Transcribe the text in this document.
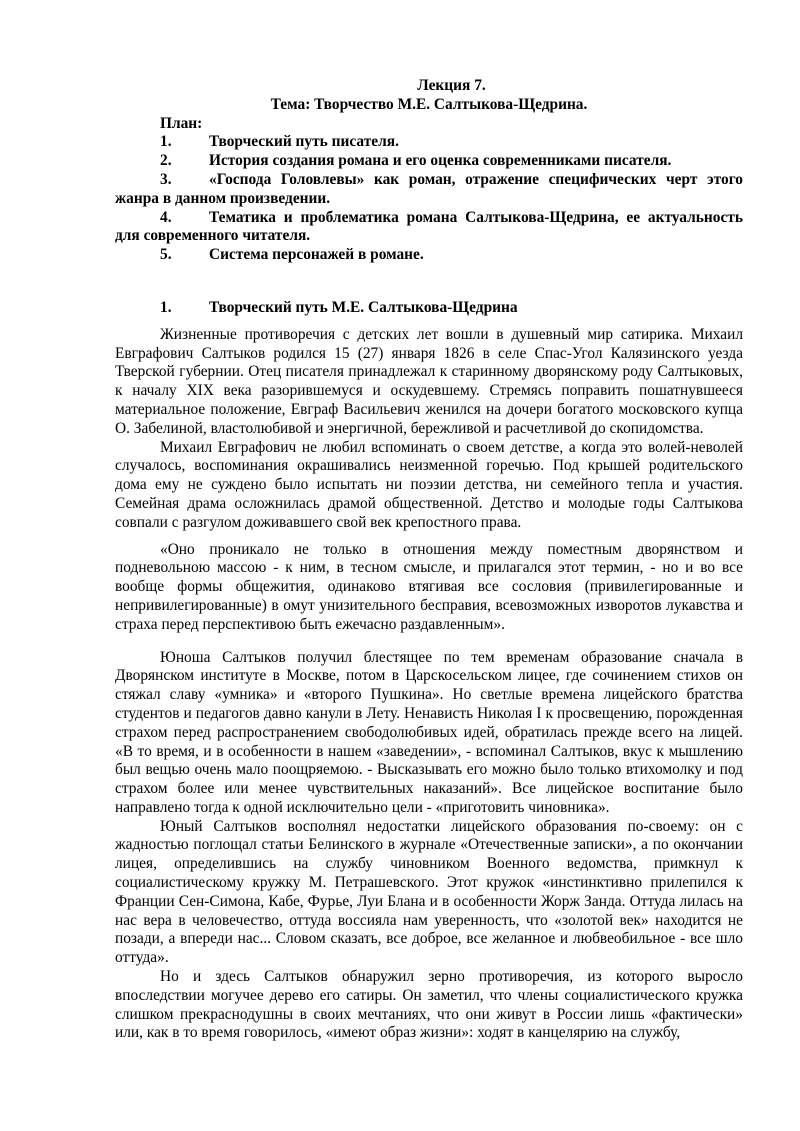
Лекция 7.

Тема: Творчество М.Е. Салтыкова-Щедрина.

План:

1. Творческий путь писателя.

2. История создания романа и его оценка современниками писателя.

3. «Господа Головлевы» как роман, отражение специфических черт этого жанра в данном произведении.

4. Тематика и проблематика романа Салтыкова-Щедрина, ее актуальность для современного читателя.

5. Система персонажей в романе.

1. Творческий путь М.Е. Салтыкова-Щедрина

Жизненные противоречия с детских лет вошли в душевный мир сатирика. Михаил Евграфович Салтыков родился 15 (27) января 1826 в селе Спас-Угол Калязинского уезда Тверской губернии. Отец писателя принадлежал к старинному дворянскому роду Салтыковых, к началу XIX века разорившемуся и оскудевшему. Стремясь поправить пошатнувшееся материальное положение, Евграф Васильевич женился на дочери богатого московского купца О. Забелиной, властолюбивой и энергичной, бережливой и расчетливой до скопидомства.

Михаил Евграфович не любил вспоминать о своем детстве, а когда это волей-неволей случалось, воспоминания окрашивались неизменной горечью. Под крышей родительского дома ему не суждено было испытать ни поэзии детства, ни семейного тепла и участия. Семейная драма осложнилась драмой общественной. Детство и молодые годы Салтыкова совпали с разгулом доживавшего свой век крепостного права.

«Оно проникало не только в отношения между поместным дворянством и подневольною массою - к ним, в тесном смысле, и прилагался этот термин, - но и во все вообще формы общежития, одинаково втягивая все сословия (привилегированные и непривилегированные) в омут унизительного бесправия, всевозможных изворотов лукавства и страха перед перспективою быть ежечасно раздавленным».

Юноша Салтыков получил блестящее по тем временам образование сначала в Дворянском институте в Москве, потом в Царскосельском лицее, где сочинением стихов он стяжал славу «умника» и «второго Пушкина». Но светлые времена лицейского братства студентов и педагогов давно канули в Лету. Ненависть Николая I к просвещению, порожденная страхом перед распространением свободолюбивых идей, обратилась прежде всего на лицей. «В то время, и в особенности в нашем «заведении», - вспоминал Салтыков, вкус к мышлению был вещью очень мало поощряемою. - Высказывать его можно было только втихомолку и под страхом более или менее чувствительных наказаний». Все лицейское воспитание было направлено тогда к одной исключительно цели - «приготовить чиновника».

Юный Салтыков восполнял недостатки лицейского образования по-своему: он с жадностью поглощал статьи Белинского в журнале «Отечественные записки», а по окончании лицея, определившись на службу чиновником Военного ведомства, примкнул к социалистическому кружку М. Петрашевского. Этот кружок «инстинктивно прилепился к Франции Сен-Симона, Кабе, Фурье, Луи Блана и в особенности Жорж Занда. Оттуда лилась на нас вера в человечество, оттуда воссияла нам уверенность, что «золотой век» находится не позади, а впереди нас... Словом сказать, все доброе, все желанное и любвеобильное - все шло оттуда».

Но и здесь Салтыков обнаружил зерно противоречия, из которого выросло впоследствии могучее дерево его сатиры. Он заметил, что члены социалистического кружка слишком прекраснодушны в своих мечтаниях, что они живут в России лишь «фактически» или, как в то время говорилось, «имеют образ жизни»: ходят в канцелярию на службу,
